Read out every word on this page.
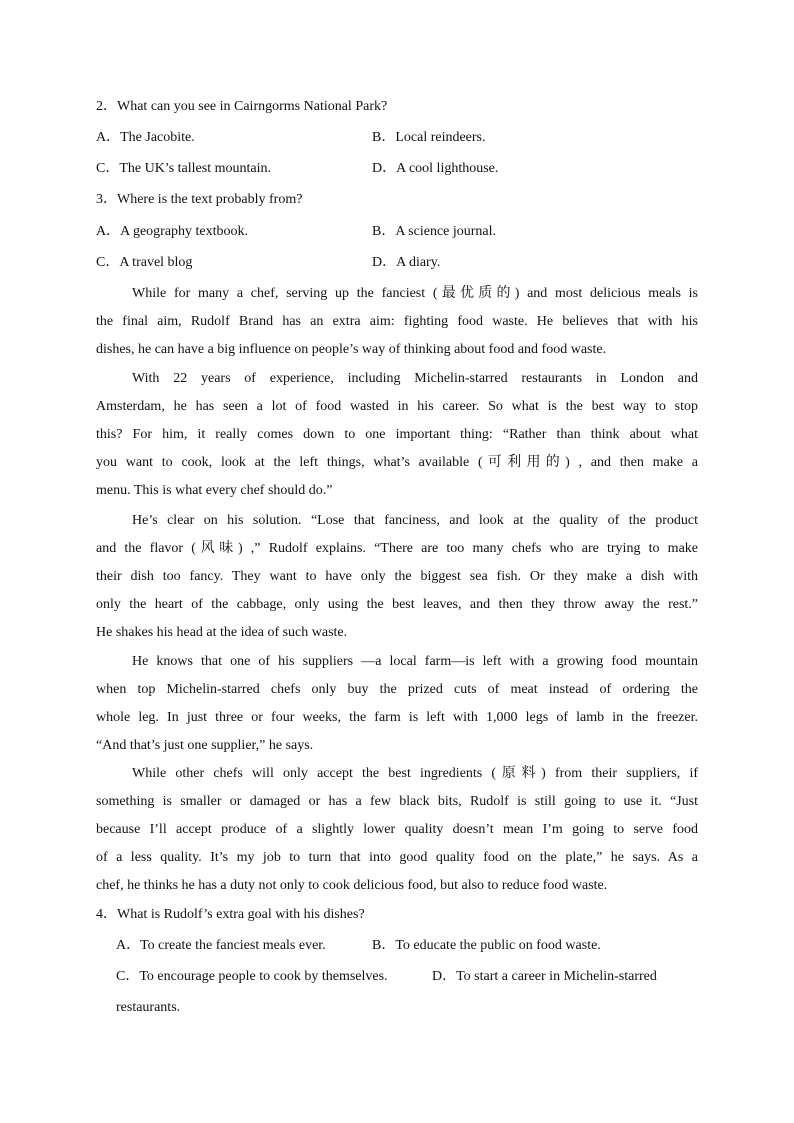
2．What can you see in Cairngorms National Park?
A．The Jacobite.	B．Local reindeers.
C．The UK’s tallest mountain.	D．A cool lighthouse.
3．Where is the text probably from?
A．A geography textbook.	B．A science journal.
C．A travel blog	D．A diary.
While for many a chef, serving up the fanciest (最优质的) and most delicious meals is
the final aim, Rudolf Brand has an extra aim: fighting food waste. He believes that with his
dishes, he can have a big influence on people’s way of thinking about food and food waste.
With 22 years of experience, including Michelin-starred restaurants in London and
Amsterdam, he has seen a lot of food wasted in his career. So what is the best way to stop
this? For him, it really comes down to one important thing: “Rather than think about what
you want to cook, look at the left things, what’s available (可利用的) , and then make a
menu. This is what every chef should do.”
He’s clear on his solution. “Lose that fanciness, and look at the quality of the product
and the flavor (风味) ,” Rudolf explains. “There are too many chefs who are trying to make
their dish too fancy. They want to have only the biggest sea fish. Or they make a dish with
only the heart of the cabbage, only using the best leaves, and then they throw away the rest.”
He shakes his head at the idea of such waste.
He knows that one of his suppliers —a local farm—is left with a growing food mountain
when top Michelin-starred chefs only buy the prized cuts of meat instead of ordering the
whole leg. In just three or four weeks, the farm is left with 1,000 legs of lamb in the freezer.
“And that’s just one supplier,” he says.
While other chefs will only accept the best ingredients (原料) from their suppliers, if
something is smaller or damaged or has a few black bits, Rudolf is still going to use it. “Just
because I’ll accept produce of a slightly lower quality doesn’t mean I’m going to serve food
of a less quality. It’s my job to turn that into good quality food on the plate,” he says. As a
chef, he thinks he has a duty not only to cook delicious food, but also to reduce food waste.
4．What is Rudolf’s extra goal with his dishes?
A．To create the fanciest meals ever.	B．To educate the public on food waste.
C．To encourage people to cook by themselves.	D．To start a career in Michelin-starred
restaurants.
